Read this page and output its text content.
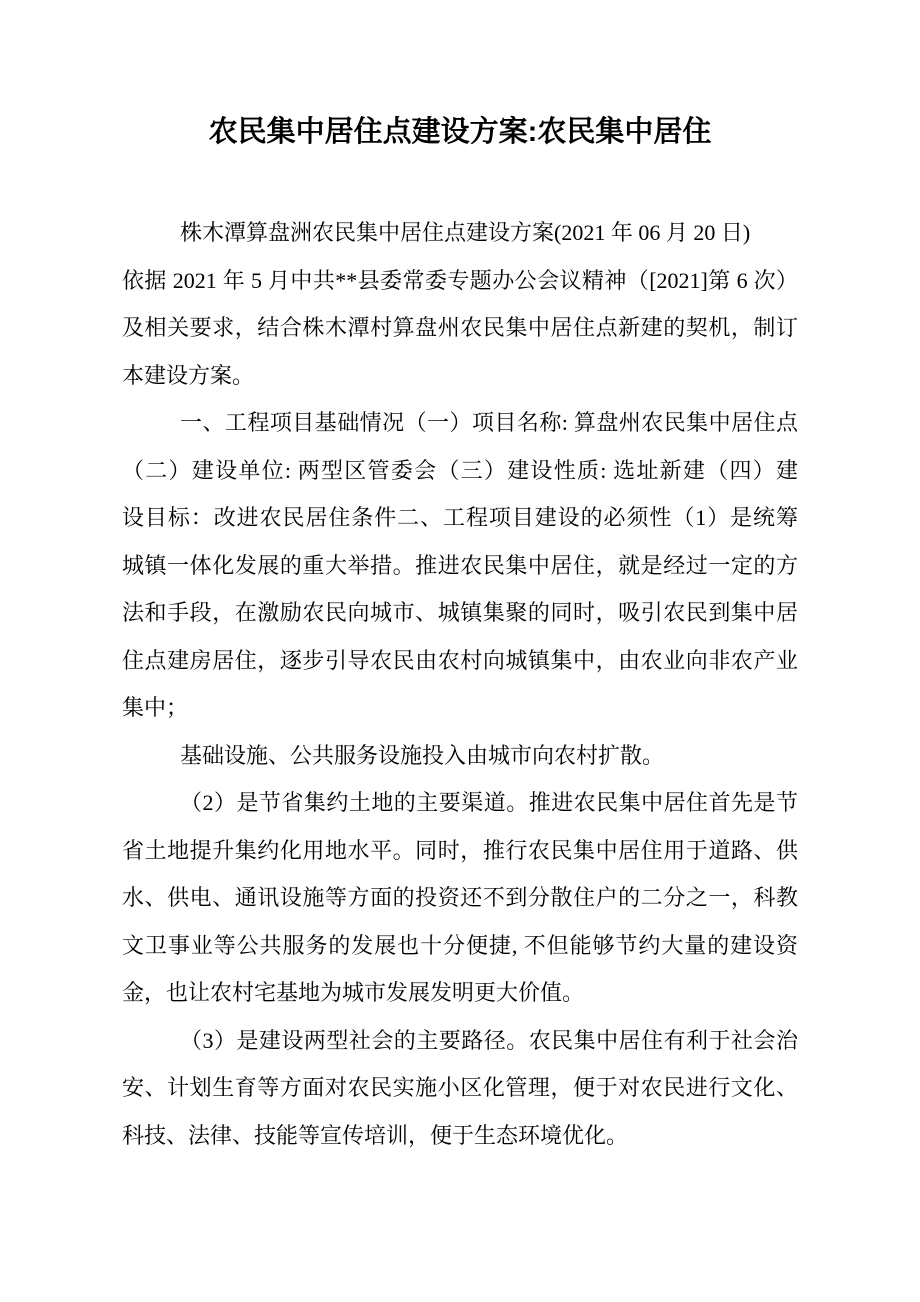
农民集中居住点建设方案:农民集中居住
株木潭算盘洲农民集中居住点建设方案(2021 年 06 月 20 日)
依据 2021 年 5 月中共**县委常委专题办公会议精神（[2021]第 6 次）
及相关要求，结合株木潭村算盘州农民集中居住点新建的契机，制订
本建设方案。
一、工程项目基础情况（一）项目名称: 算盘州农民集中居住点
（二）建设单位: 两型区管委会（三）建设性质: 选址新建（四）建
设目标：改进农民居住条件二、工程项目建设的必须性（1）是统筹
城镇一体化发展的重大举措。推进农民集中居住，就是经过一定的方
法和手段，在激励农民向城市、城镇集聚的同时，吸引农民到集中居
住点建房居住，逐步引导农民由农村向城镇集中，由农业向非农产业
集中；
基础设施、公共服务设施投入由城市向农村扩散。
（2）是节省集约土地的主要渠道。推进农民集中居住首先是节
省土地提升集约化用地水平。同时，推行农民集中居住用于道路、供
水、供电、通讯设施等方面的投资还不到分散住户的二分之一，科教
文卫事业等公共服务的发展也十分便捷, 不但能够节约大量的建设资
金，也让农村宅基地为城市发展发明更大价值。
（3）是建设两型社会的主要路径。农民集中居住有利于社会治
安、计划生育等方面对农民实施小区化管理，便于对农民进行文化、
科技、法律、技能等宣传培训，便于生态环境优化。
